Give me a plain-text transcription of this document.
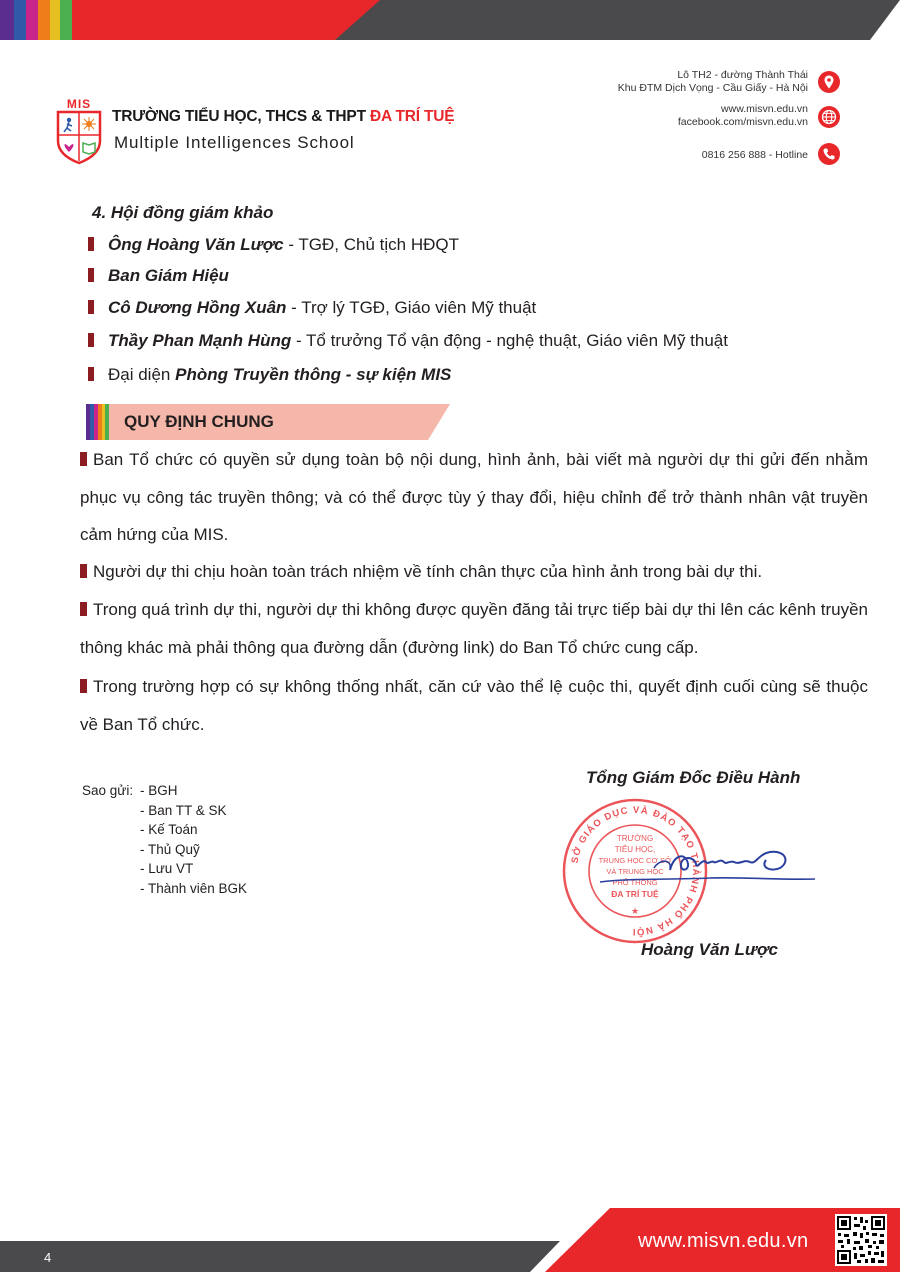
MIS
TRƯỜNG TIỂU HỌC, THCS & THPT ĐA TRÍ TUỆ
Multiple Intelligences School
Lô TH2 - đường Thành Thái
Khu ĐTM Dịch Vọng - Cầu Giấy - Hà Nội
www.misvn.edu.vn
facebook.com/misvn.edu.vn
0816 256 888 - Hotline
4. Hội đồng giám khảo
Ông Hoàng Văn Lược - TGĐ, Chủ tịch HĐQT
Ban Giám Hiệu
Cô Dương Hồng Xuân - Trợ lý TGĐ, Giáo viên Mỹ thuật
Thầy Phan Mạnh Hùng - Tổ trưởng Tổ vận động - nghệ thuật, Giáo viên Mỹ thuật
Đại diện Phòng Truyền thông - sự kiện MIS
QUY ĐỊNH CHUNG
Ban Tổ chức có quyền sử dụng toàn bộ nội dung, hình ảnh, bài viết mà người dự thi gửi đến nhằm phục vụ công tác truyền thông; và có thể được tùy ý thay đổi, hiệu chỉnh để trở thành nhân vật truyền cảm hứng của MIS.
Người dự thi chịu hoàn toàn trách nhiệm về tính chân thực của hình ảnh trong bài dự thi.
Trong quá trình dự thi, người dự thi không được quyền đăng tải trực tiếp bài dự thi lên các kênh truyền thông khác mà phải thông qua đường dẫn (đường link) do Ban Tổ chức cung cấp.
Trong trường hợp có sự không thống nhất, căn cứ vào thể lệ cuộc thi, quyết định cuối cùng sẽ thuộc về Ban Tổ chức.
Sao gửi: - BGH
- Ban TT & SK
- Kế Toán
- Thủ Quỹ
- Lưu VT
- Thành viên BGK
Tổng Giám Đốc Điều Hành
SỞ GIÁO DỤC VÀ ĐÀO TẠO THÀNH PHỐ HÀ NỘI
★
TRƯỜNG
TIỂU HỌC,
TRUNG HỌC CƠ SỞ
VÀ TRUNG HỌC
PHỔ THÔNG
ĐA TRÍ TUỆ
Hoàng Văn Lược
4
www.misvn.edu.vn
